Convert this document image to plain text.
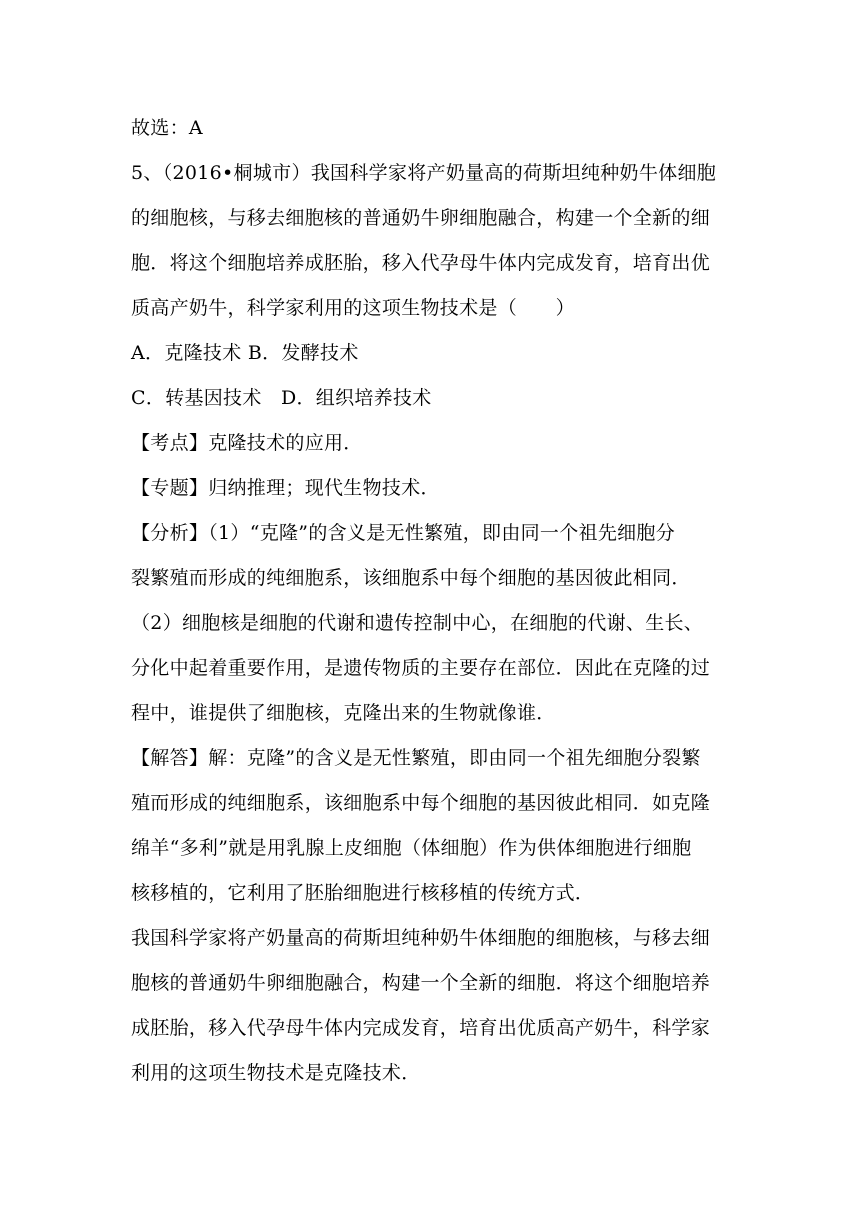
故选：A
5、（2016•桐城市）我国科学家将产奶量高的荷斯坦纯种奶牛体细胞
的细胞核，与移去细胞核的普通奶牛卵细胞融合，构建一个全新的细
胞．将这个细胞培养成胚胎，移入代孕母牛体内完成发育，培育出优
质高产奶牛，科学家利用的这项生物技术是（　　）
A．克隆技术 B．发酵技术
C．转基因技术　D．组织培养技术
【考点】克隆技术的应用．
【专题】归纳推理；现代生物技术．
【分析】（1）“克隆”的含义是无性繁殖，即由同一个祖先细胞分
裂繁殖而形成的纯细胞系，该细胞系中每个细胞的基因彼此相同．
（2）细胞核是细胞的代谢和遗传控制中心，在细胞的代谢、生长、
分化中起着重要作用，是遗传物质的主要存在部位．因此在克隆的过
程中，谁提供了细胞核，克隆出来的生物就像谁．
【解答】解：克隆”的含义是无性繁殖，即由同一个祖先细胞分裂繁
殖而形成的纯细胞系，该细胞系中每个细胞的基因彼此相同．如克隆
绵羊“多利”就是用乳腺上皮细胞（体细胞）作为供体细胞进行细胞
核移植的，它利用了胚胎细胞进行核移植的传统方式．
我国科学家将产奶量高的荷斯坦纯种奶牛体细胞的细胞核，与移去细
胞核的普通奶牛卵细胞融合，构建一个全新的细胞．将这个细胞培养
成胚胎，移入代孕母牛体内完成发育，培育出优质高产奶牛，科学家
利用的这项生物技术是克隆技术．
